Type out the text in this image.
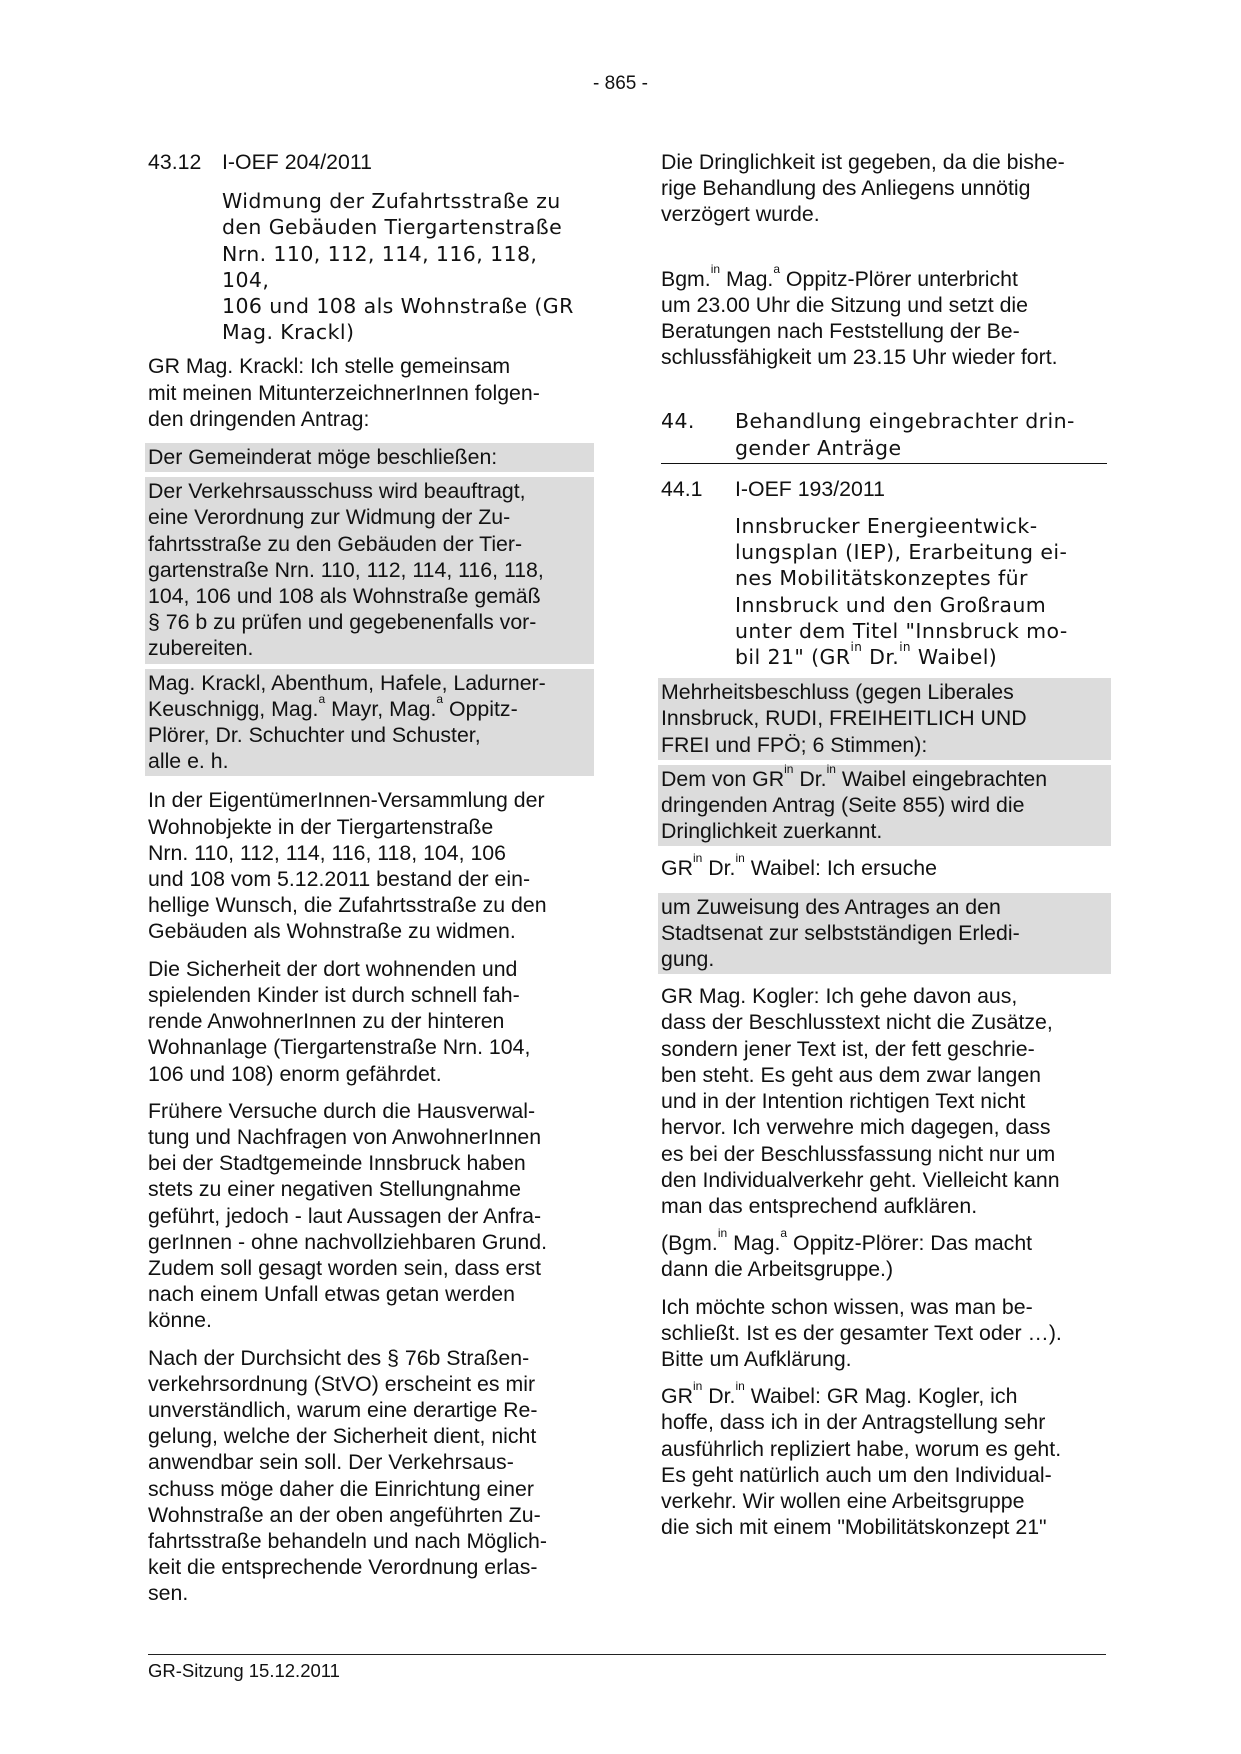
- 865 -
43.12 I-OEF 204/2011
Widmung der Zufahrtsstraße zu
den Gebäuden Tiergartenstraße
Nrn. 110, 112, 114, 116, 118, 104,
106 und 108 als Wohnstraße (GR
Mag. Krackl)

GR Mag. Krackl: Ich stelle gemeinsam
mit meinen MitunterzeichnerInnen folgen-
den dringenden Antrag:

Der Gemeinderat möge beschließen:
Der Verkehrsausschuss wird beauftragt,
eine Verordnung zur Widmung der Zu-
fahrtsstraße zu den Gebäuden der Tier-
gartenstraße Nrn. 110, 112, 114, 116, 118,
104, 106 und 108 als Wohnstraße gemäß
§ 76 b zu prüfen und gegebenenfalls vor-
zubereiten.
Mag. Krackl, Abenthum, Hafele, Ladurner-
Keuschnigg, Mag.$^a$ Mayr, Mag.$^a$ Oppitz-
Plörer, Dr. Schuchter und Schuster,
alle e. h.

In der EigentümerInnen-Versammlung der
Wohnobjekte in der Tiergartenstraße
Nrn. 110, 112, 114, 116, 118, 104, 106
und 108 vom 5.12.2011 bestand der ein-
hellige Wunsch, die Zufahrtsstraße zu den
Gebäuden als Wohnstraße zu widmen.

Die Sicherheit der dort wohnenden und
spielenden Kinder ist durch schnell fah-
rende AnwohnerInnen zu der hinteren
Wohnanlage (Tiergartenstraße Nrn. 104,
106 und 108) enorm gefährdet.

Frühere Versuche durch die Hausverwal-
tung und Nachfragen von AnwohnerInnen
bei der Stadtgemeinde Innsbruck haben
stets zu einer negativen Stellungnahme
geführt, jedoch - laut Aussagen der Anfra-
gerInnen - ohne nachvollziehbaren Grund.
Zudem soll gesagt worden sein, dass erst
nach einem Unfall etwas getan werden
könne.

Nach der Durchsicht des § 76b Straßen-
verkehrsordnung (StVO) erscheint es mir
unverständlich, warum eine derartige Re-
gelung, welche der Sicherheit dient, nicht
anwendbar sein soll. Der Verkehrsaus-
schuss möge daher die Einrichtung einer
Wohnstraße an der oben angeführten Zu-
fahrtsstraße behandeln und nach Möglich-
keit die entsprechende Verordnung erlas-
sen.

Die Dringlichkeit ist gegeben, da die bishe-
rige Behandlung des Anliegens unnötig
verzögert wurde.

Bgm.$^{in}$ Mag.$^a$ Oppitz-Plörer unterbricht
um 23.00 Uhr die Sitzung und setzt die
Beratungen nach Feststellung der Be-
schlussfähigkeit um 23.15 Uhr wieder fort.

44.	Behandlung eingebrachter drin-
gender Anträge
44.1	I-OEF 193/2011
Innsbrucker Energieentwick-
lungsplan (IEP), Erarbeitung ei-
nes Mobilitätskonzeptes für
Innsbruck und den Großraum
unter dem Titel "Innsbruck mo-
bil 21" ($GR^{in}$ Dr.$^{in}$ Waibel)
Mehrheitsbeschluss (gegen Liberales
Innsbruck, RUDI, FREIHEITLICH UND
FREI und FPÖ; 6 Stimmen):
Dem von $GR^{in}$ Dr.$^{in}$ Waibel eingebrachten
dringenden Antrag (Seite 855) wird die
Dringlichkeit zuerkannt.

$GR^{in}$ Dr.$^{in}$ Waibel: Ich ersuche

um Zuweisung des Antrages an den
Stadtsenat zur selbstständigen Erledi-
gung.

GR Mag. Kogler: Ich gehe davon aus,
dass der Beschlusstext nicht die Zusätze,
sondern jener Text ist, der fett geschrie-
ben steht. Es geht aus dem zwar langen
und in der Intention richtigen Text nicht
hervor. Ich verwehre mich dagegen, dass
es bei der Beschlussfassung nicht nur um
den Individualverkehr geht. Vielleicht kann
man das entsprechend aufklären.

(Bgm.$^{in}$ Mag.$^a$ Oppitz-Plörer: Das macht
dann die Arbeitsgruppe.)

Ich möchte schon wissen, was man be-
schließt. Ist es der gesamter Text oder …).
Bitte um Aufklärung.

$GR^{in}$ Dr.$^{in}$ Waibel: GR Mag. Kogler, ich
hoffe, dass ich in der Antragstellung sehr
ausführlich repliziert habe, worum es geht.
Es geht natürlich auch um den Individual-
verkehr. Wir wollen eine Arbeitsgruppe
die sich mit einem "Mobilitätskonzept 21"

GR-Sitzung 15.12.2011
